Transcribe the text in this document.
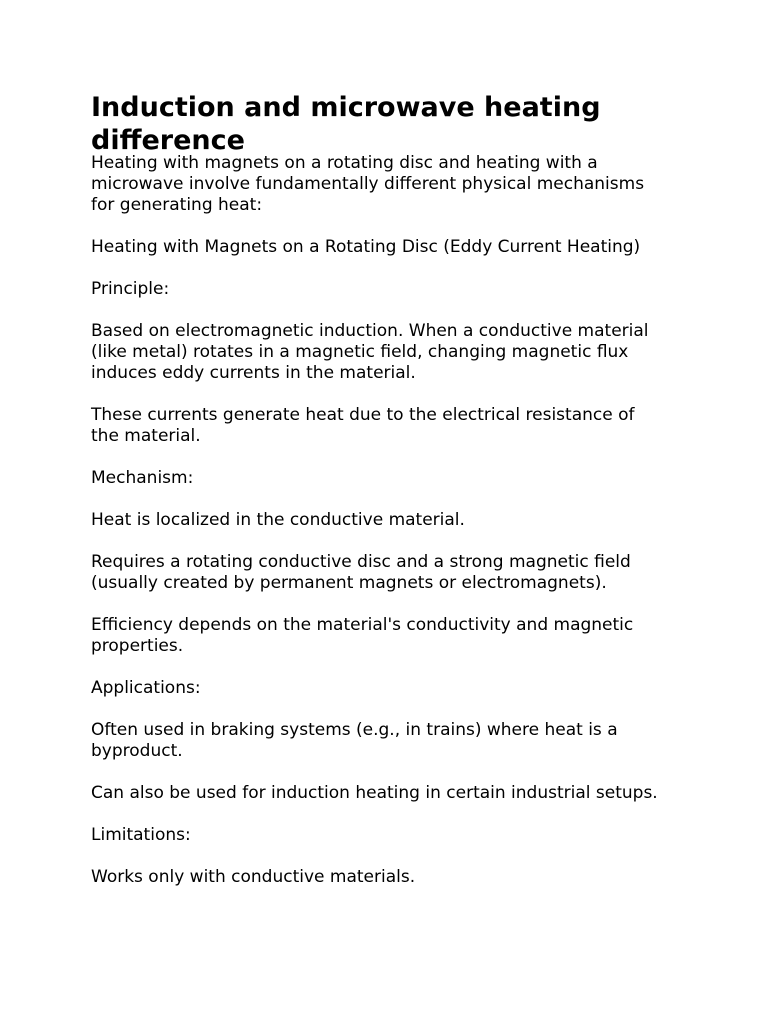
Induction and microwave heating difference

Heating with magnets on a rotating disc and heating with a
microwave involve fundamentally different physical mechanisms
for generating heat:

Heating with Magnets on a Rotating Disc (Eddy Current Heating)

Principle:

Based on electromagnetic induction. When a conductive material
(like metal) rotates in a magnetic field, changing magnetic flux
induces eddy currents in the material.

These currents generate heat due to the electrical resistance of
the material.

Mechanism:

Heat is localized in the conductive material.

Requires a rotating conductive disc and a strong magnetic field
(usually created by permanent magnets or electromagnets).

Efficiency depends on the material's conductivity and magnetic
properties.

Applications:

Often used in braking systems (e.g., in trains) where heat is a
byproduct.

Can also be used for induction heating in certain industrial setups.

Limitations:

Works only with conductive materials.
